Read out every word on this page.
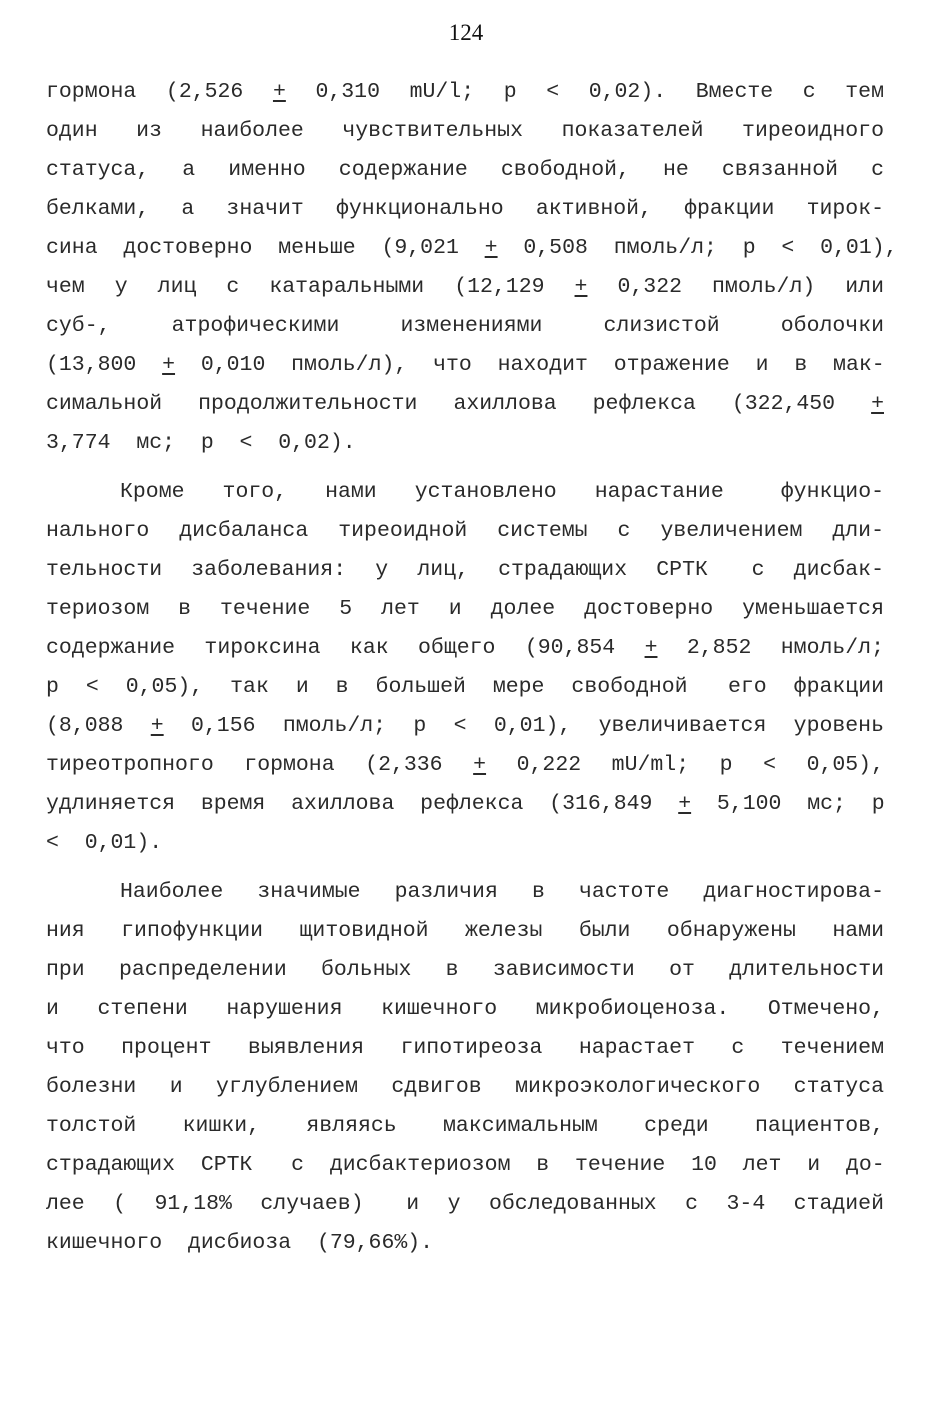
124
гормона  (2,526  +  0,310  mU/l;  p  <  0,02).  Вместе  с  тем
один  из  наиболее  чувствительных  показателей  тиреоидного
статуса,  а  именно  содержание  свободной,  не  связанной  с
белками,  а  значит  функционально  активной,  фракции  тирок-
сина  достоверно  меньше  (9,021  +  0,508  пмоль/л;  р  <  0,01),
чем  у  лиц  с  катаральными  (12,129  +  0,322  пмоль/л)  или
суб-,  атрофическими  изменениями  слизистой  оболочки
(13,800  +  0,010  пмоль/л),  что  находит  отражение  и  в  мак-
симальной  продолжительности  ахиллова  рефлекса  (322,450  +
3,774  мс;  р  <  0,02).
Кроме  того,  нами  установлено  нарастание   функцио-
нального  дисбаланса  тиреоидной  системы  с  увеличением  дли-
тельности  заболевания:  у  лиц,  страдающих  СРТК   с  дисбак-
териозом  в  течение  5  лет  и  долее  достоверно  уменьшается
содержание  тироксина  как  общего  (90,854  +  2,852  нмоль/л;
р  <  0,05),  так  и  в  большей  мере  свободной   его  фракции
(8,088  +  0,156  пмоль/л;  р  <  0,01),  увеличивается  уровень
тиреотропного  гормона  (2,336  +  0,222  mU/ml;  р  <  0,05),
удлиняется  время  ахиллова  рефлекса  (316,849  +  5,100  мс;  р
<  0,01).
Наиболее  значимые  различия  в  частоте  диагностирова-
ния  гипофункции  щитовидной  железы  были  обнаружены  нами
при  распределении  больных  в  зависимости  от  длительности
и  степени  нарушения  кишечного  микробиоценоза.  Отмечено,
что  процент  выявления  гипотиреоза  нарастает  с  течением
болезни  и  углублением  сдвигов  микроэкологического  статуса
толстой  кишки,  являясь  максимальным  среди  пациентов,
страдающих  СРТК   с  дисбактериозом  в  течение  10  лет  и  до-
лее  (  91,18%  случаев)   и  у  обследованных  с  3-4  стадией
кишечного  дисбиоза  (79,66%).
